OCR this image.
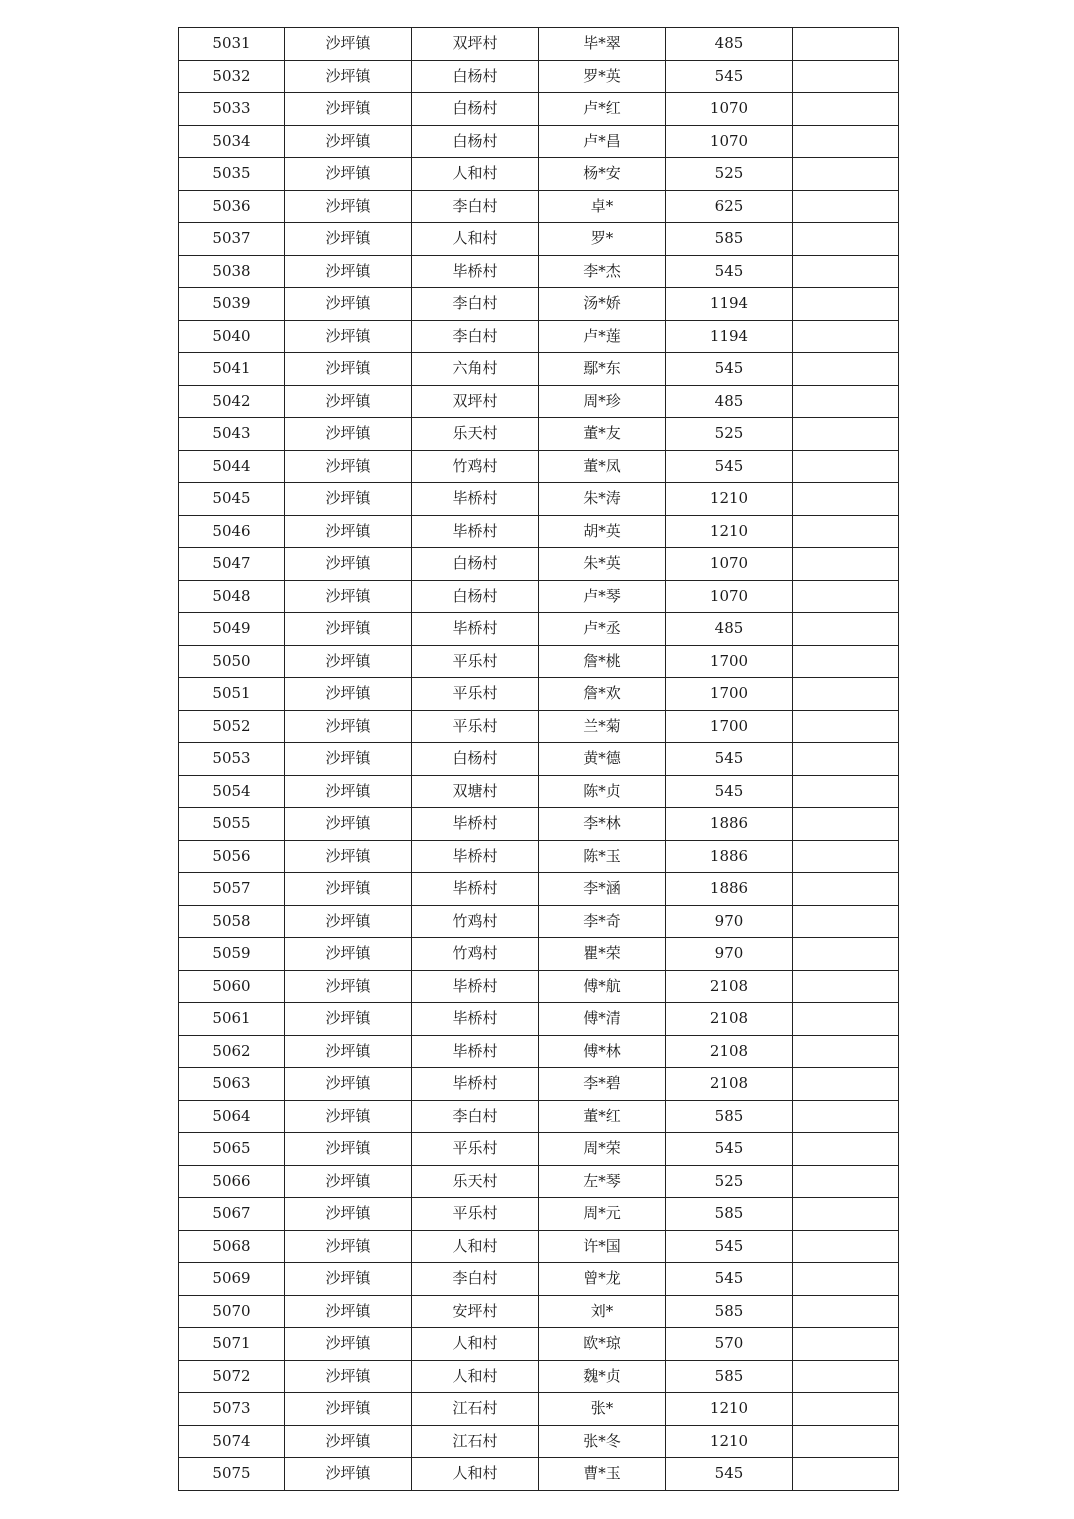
5031	沙坪镇	双坪村	毕*翠	485	
5032	沙坪镇	白杨村	罗*英	545	
5033	沙坪镇	白杨村	卢*红	1070	
5034	沙坪镇	白杨村	卢*昌	1070	
5035	沙坪镇	人和村	杨*安	525	
5036	沙坪镇	李白村	卓*	625	
5037	沙坪镇	人和村	罗*	585	
5038	沙坪镇	毕桥村	李*杰	545	
5039	沙坪镇	李白村	汤*娇	1194	
5040	沙坪镇	李白村	卢*莲	1194	
5041	沙坪镇	六角村	鄢*东	545	
5042	沙坪镇	双坪村	周*珍	485	
5043	沙坪镇	乐天村	董*友	525	
5044	沙坪镇	竹鸡村	董*凤	545	
5045	沙坪镇	毕桥村	朱*涛	1210	
5046	沙坪镇	毕桥村	胡*英	1210	
5047	沙坪镇	白杨村	朱*英	1070	
5048	沙坪镇	白杨村	卢*琴	1070	
5049	沙坪镇	毕桥村	卢*丞	485	
5050	沙坪镇	平乐村	詹*桃	1700	
5051	沙坪镇	平乐村	詹*欢	1700	
5052	沙坪镇	平乐村	兰*菊	1700	
5053	沙坪镇	白杨村	黄*德	545	
5054	沙坪镇	双塘村	陈*贞	545	
5055	沙坪镇	毕桥村	李*林	1886	
5056	沙坪镇	毕桥村	陈*玉	1886	
5057	沙坪镇	毕桥村	李*涵	1886	
5058	沙坪镇	竹鸡村	李*奇	970	
5059	沙坪镇	竹鸡村	瞿*荣	970	
5060	沙坪镇	毕桥村	傅*航	2108	
5061	沙坪镇	毕桥村	傅*清	2108	
5062	沙坪镇	毕桥村	傅*林	2108	
5063	沙坪镇	毕桥村	李*碧	2108	
5064	沙坪镇	李白村	董*红	585	
5065	沙坪镇	平乐村	周*荣	545	
5066	沙坪镇	乐天村	左*琴	525	
5067	沙坪镇	平乐村	周*元	585	
5068	沙坪镇	人和村	许*国	545	
5069	沙坪镇	李白村	曾*龙	545	
5070	沙坪镇	安坪村	刘*	585	
5071	沙坪镇	人和村	欧*琼	570	
5072	沙坪镇	人和村	魏*贞	585	
5073	沙坪镇	江石村	张*	1210	
5074	沙坪镇	江石村	张*冬	1210	
5075	沙坪镇	人和村	曹*玉	545	
